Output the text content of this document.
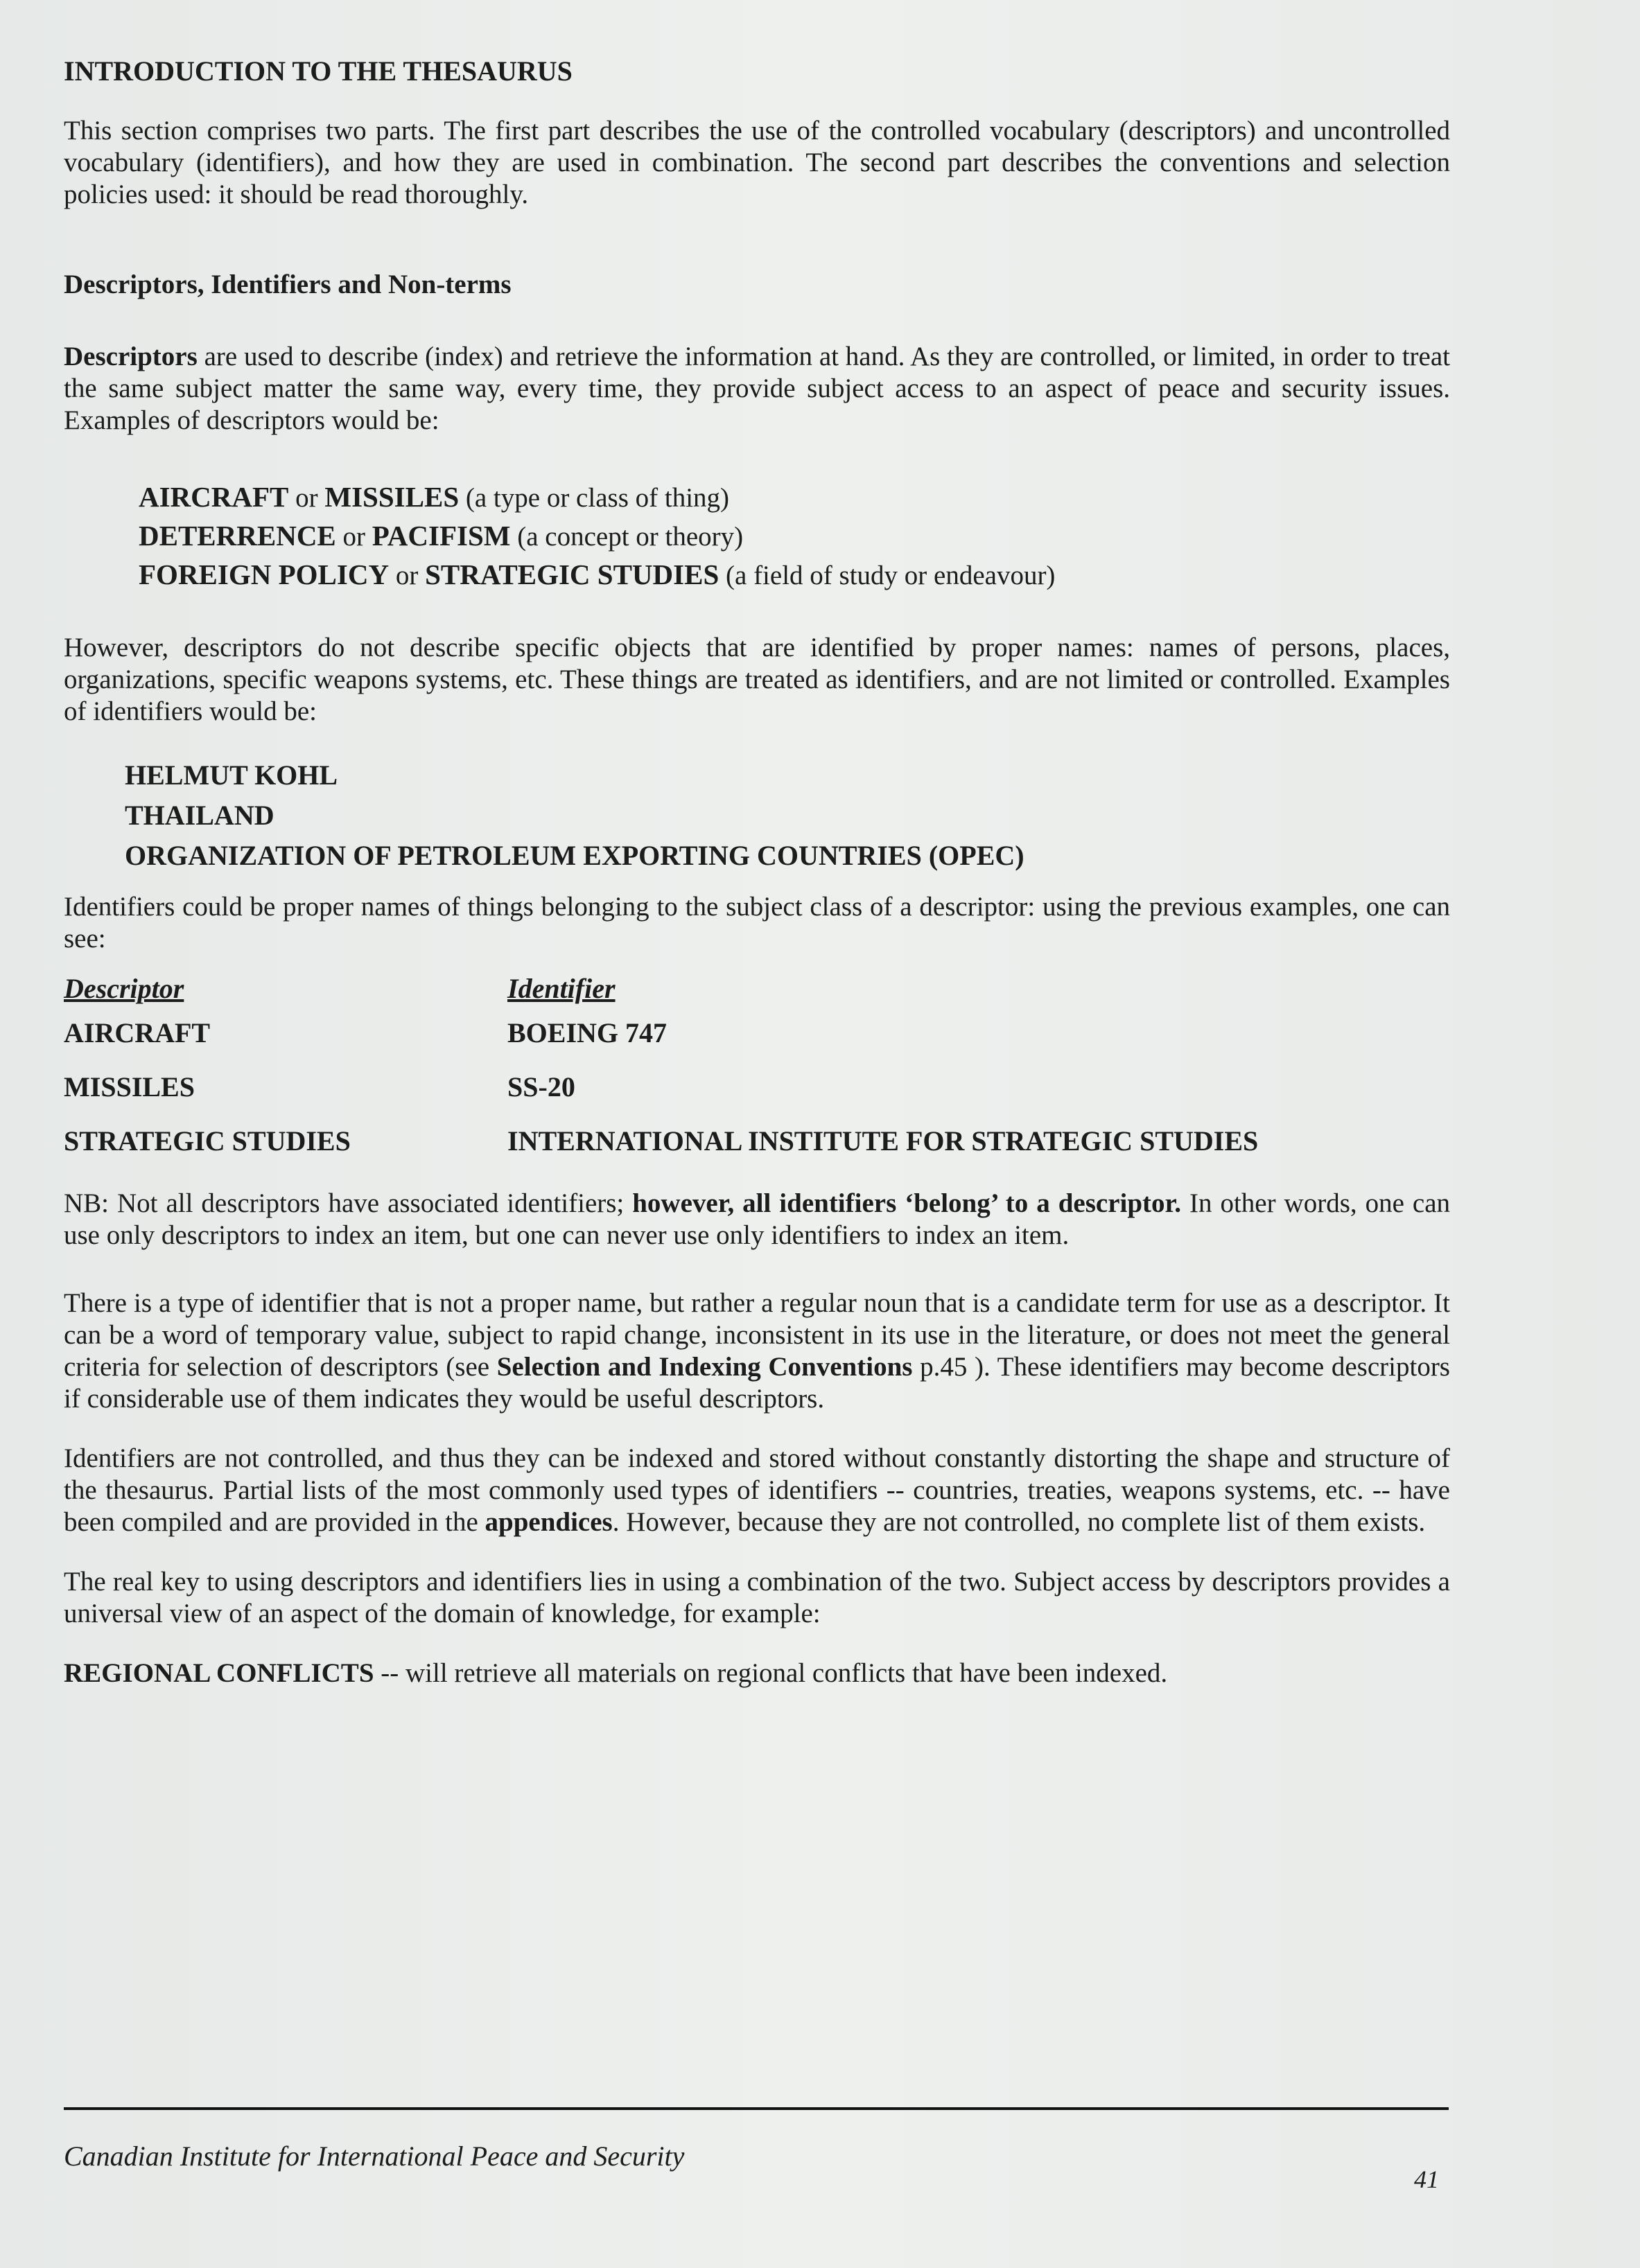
INTRODUCTION TO THE THESAURUS

This section comprises two parts. The first part describes the use of the controlled vocabulary (descriptors) and uncontrolled vocabulary (identifiers), and how they are used in combination. The second part describes the conventions and selection policies used: it should be read thoroughly.

Descriptors, Identifiers and Non-terms

Descriptors are used to describe (index) and retrieve the information at hand. As they are controlled, or limited, in order to treat the same subject matter the same way, every time, they provide subject access to an aspect of peace and security issues. Examples of descriptors would be:

AIRCRAFT or MISSILES (a type or class of thing)
DETERRENCE or PACIFISM (a concept or theory)
FOREIGN POLICY or STRATEGIC STUDIES (a field of study or endeavour)

However, descriptors do not describe specific objects that are identified by proper names: names of persons, places, organizations, specific weapons systems, etc. These things are treated as identifiers, and are not limited or controlled. Examples of identifiers would be:

HELMUT KOHL
THAILAND
ORGANIZATION OF PETROLEUM EXPORTING COUNTRIES (OPEC)

Identifiers could be proper names of things belonging to the subject class of a descriptor: using the previous examples, one can see:

Descriptor	Identifier
AIRCRAFT	BOEING 747
MISSILES	SS-20
STRATEGIC STUDIES	INTERNATIONAL INSTITUTE FOR STRATEGIC STUDIES

NB: Not all descriptors have associated identifiers; however, all identifiers ‘belong’ to a descriptor. In other words, one can use only descriptors to index an item, but one can never use only identifiers to index an item.

There is a type of identifier that is not a proper name, but rather a regular noun that is a candidate term for use as a descriptor. It can be a word of temporary value, subject to rapid change, inconsistent in its use in the literature, or does not meet the general criteria for selection of descriptors (see Selection and Indexing Conventions p.45 ). These identifiers may become descriptors if considerable use of them indicates they would be useful descriptors.

Identifiers are not controlled, and thus they can be indexed and stored without constantly distorting the shape and structure of the thesaurus. Partial lists of the most commonly used types of identifiers -- countries, treaties, weapons systems, etc. -- have been compiled and are provided in the appendices. However, because they are not controlled, no complete list of them exists.

The real key to using descriptors and identifiers lies in using a combination of the two. Subject access by descriptors provides a universal view of an aspect of the domain of knowledge, for example:

REGIONAL CONFLICTS -- will retrieve all materials on regional conflicts that have been indexed.

Canadian Institute for International Peace and Security
41
